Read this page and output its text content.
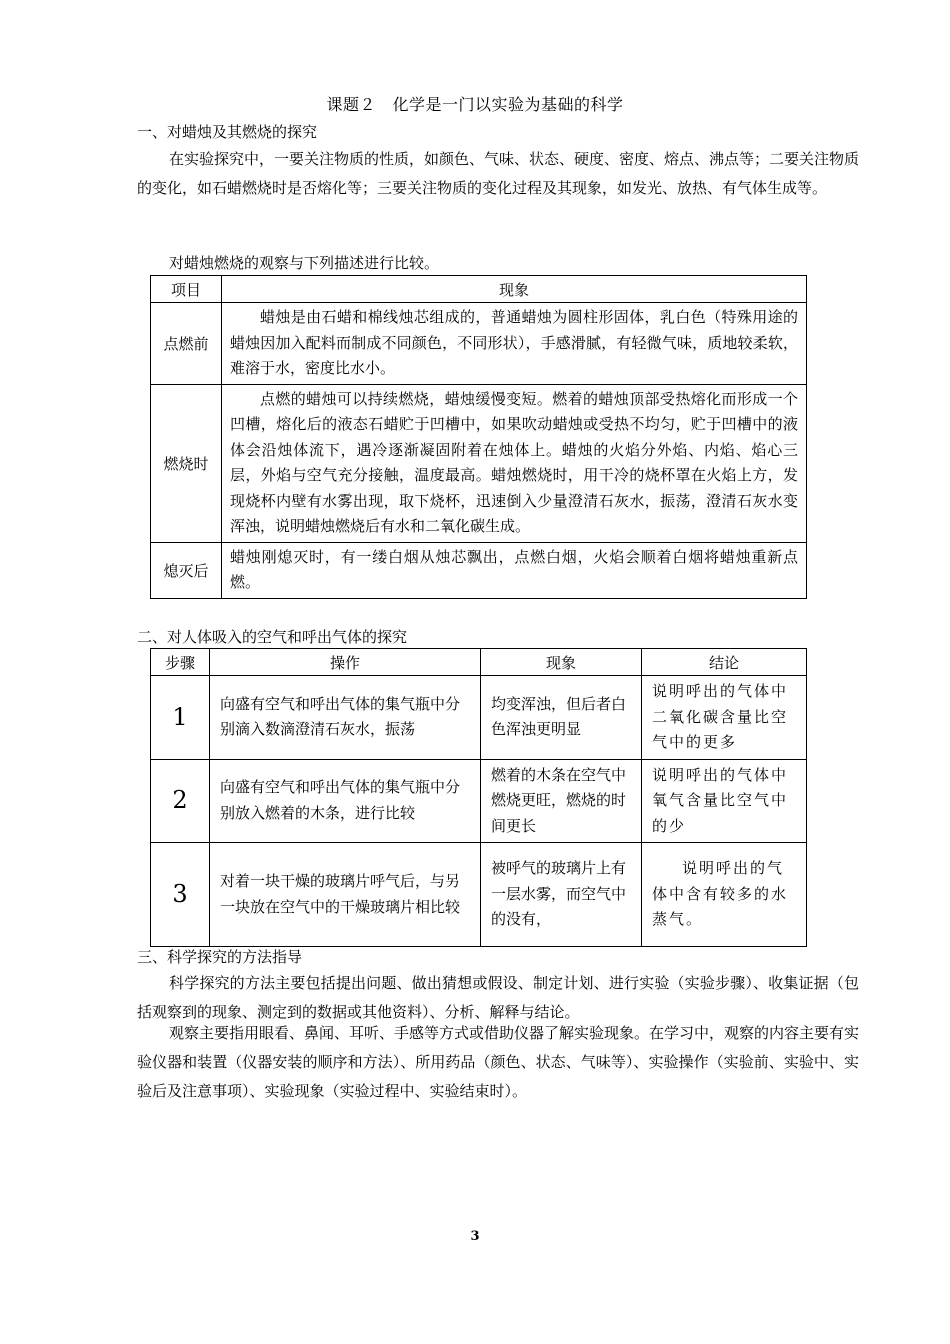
课题２　化学是一门以实验为基础的科学
一、对蜡烛及其燃烧的探究
在实验探究中，一要关注物质的性质，如颜色、气味、状态、硬度、密度、熔点、沸点等；二要关注物质的变化，如石蜡燃烧时是否熔化等；三要关注物质的变化过程及其现象，如发光、放热、有气体生成等。
对蜡烛燃烧的观察与下列描述进行比较。
项目	现象
点燃前	蜡烛是由石蜡和棉线烛芯组成的，普通蜡烛为圆柱形固体，乳白色（特殊用途的蜡烛因加入配料而制成不同颜色，不同形状），手感滑腻，有轻微气味，质地较柔软，难溶于水，密度比水小。
燃烧时	点燃的蜡烛可以持续燃烧，蜡烛缓慢变短。燃着的蜡烛顶部受热熔化而形成一个凹槽，熔化后的液态石蜡贮于凹槽中，如果吹动蜡烛或受热不均匀，贮于凹槽中的液体会沿烛体流下，遇冷逐渐凝固附着在烛体上。蜡烛的火焰分外焰、内焰、焰心三层，外焰与空气充分接触，温度最高。蜡烛燃烧时，用干冷的烧杯罩在火焰上方，发现烧杯内壁有水雾出现，取下烧杯，迅速倒入少量澄清石灰水，振荡，澄清石灰水变浑浊，说明蜡烛燃烧后有水和二氧化碳生成。
熄灭后	蜡烛刚熄灭时，有一缕白烟从烛芯飘出，点燃白烟，火焰会顺着白烟将蜡烛重新点燃。
二、对人体吸入的空气和呼出气体的探究
步骤	操作	现象	结论
1	向盛有空气和呼出气体的集气瓶中分别滴入数滴澄清石灰水，振荡	均变浑浊，但后者白色浑浊更明显	说明呼出的气体中二氧化碳含量比空气中的更多
2	向盛有空气和呼出气体的集气瓶中分别放入燃着的木条，进行比较	燃着的木条在空气中燃烧更旺，燃烧的时间更长	说明呼出的气体中氧气含量比空气中的少
3	对着一块干燥的玻璃片呼气后，与另一块放在空气中的干燥玻璃片相比较	被呼气的玻璃片上有一层水雾，而空气中的没有，	说明呼出的气体中含有较多的水蒸气。
三、科学探究的方法指导
科学探究的方法主要包括提出问题、做出猜想或假设、制定计划、进行实验（实验步骤）、收集证据（包括观察到的现象、测定到的数据或其他资料）、分析、解释与结论。
观察主要指用眼看、鼻闻、耳听、手感等方式或借助仪器了解实验现象。在学习中，观察的内容主要有实验仪器和装置（仪器安装的顺序和方法）、所用药品（颜色、状态、气味等）、实验操作（实验前、实验中、实验后及注意事项）、实验现象（实验过程中、实验结束时）。
3
